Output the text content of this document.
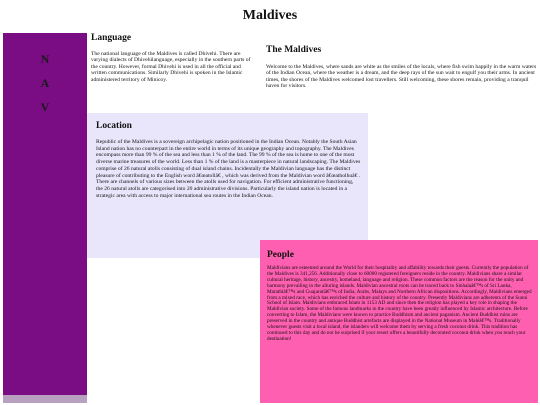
Maldives
N
A
V
Language

The national language of the Maldives is called Dhivehi. There are varying dialects of Dhivehilanguage, especially in the southern parts of the country. However, formal Dhivehi is used in all the official and written communications. Similarly Dhivehi is spoken in the Islamic administered territory of Minicoy.

The Maldives

Welcome to the Maldives, where sands are white as the smiles of the locals, where fish swim happily in the warm waters of the Indian Ocean, where the weather is a dream, and the deep rays of the sun wait to engulf you their arms. In ancient times, the shores of the Maldives welcomed lost travellers. Still welcoming, these shores remain, providing a tranquil haven for visitors.

Location

Republic of the Maldives is a sovereign archipelagic nation positioned in the Indian Ocean. Notably the South Asian Island nation has no counterpart in the entire world in terms of its unique geography and topography. The Maldives encompass more than 99 % of the sea and less than 1 % of the land. The 99 % of the sea is home to one of the most diverse marine treasures of the world. Less than 1 % of the land is a masterpiece in natural landscaping. The Maldives comprise of 26 natural atolls consisting of dual island chains. Incidentally the Maldivian language has the distinct pleasure of contributing to the English word â€œatollâ€ , which was derived from the Maldivian word â€œatholhuâ€ . There are channels of various sizes between the atolls used for navigation. For efficient administrative functioning, the 26 natural atolls are categorised into 20 administrative divisions. Particularly the island nation is located in a strategic area with access to major international sea routes in the Indian Ocean.

People

Maldivians are esteemed around the World for their hospitality and affability towards their guests. Currently the population of the Maldives is 341,256. Additionally close to 60000 registered foreigners reside in the country. Maldivians share a similar cultural heritage, history, ancestry, homeland, language and religion. These common factors are the reason for the unity and harmony prevailing in the alluring islands. Maldivian ancestral roots can be traced back to Sinhalaâ€™s of Sri Lanka, Marathiâ€™s and Guajaratiâ€™s of India, Arabs, Malays and Northern African dispositions. Accordingly, Maldivians emerged from a mixed race, which has enriched the culture and history of the country. Presently Maldivians are adherents of the Sunni School of Islam. Maldivians embraced Islam in 1153 AD and since then the religion has played a key role in shaping the Maldivian society. Some of the famous landmarks in the country have been greatly influenced by Islamic architecture. Before converting to Islam, the Maldivians were known to practice Buddhism and ancient paganism. Ancient Buddhist ruins are preserved in the country and antique Buddhist artefacts are displayed in the National Museum in Maléâ€™s. Traditionally whenever guests visit a local island, the islanders will welcome them by serving a fresh coconut drink. This tradition has continued to this day and do not be surprised if your resort offers a beautifully decorated coconut drink when you reach your destination!
